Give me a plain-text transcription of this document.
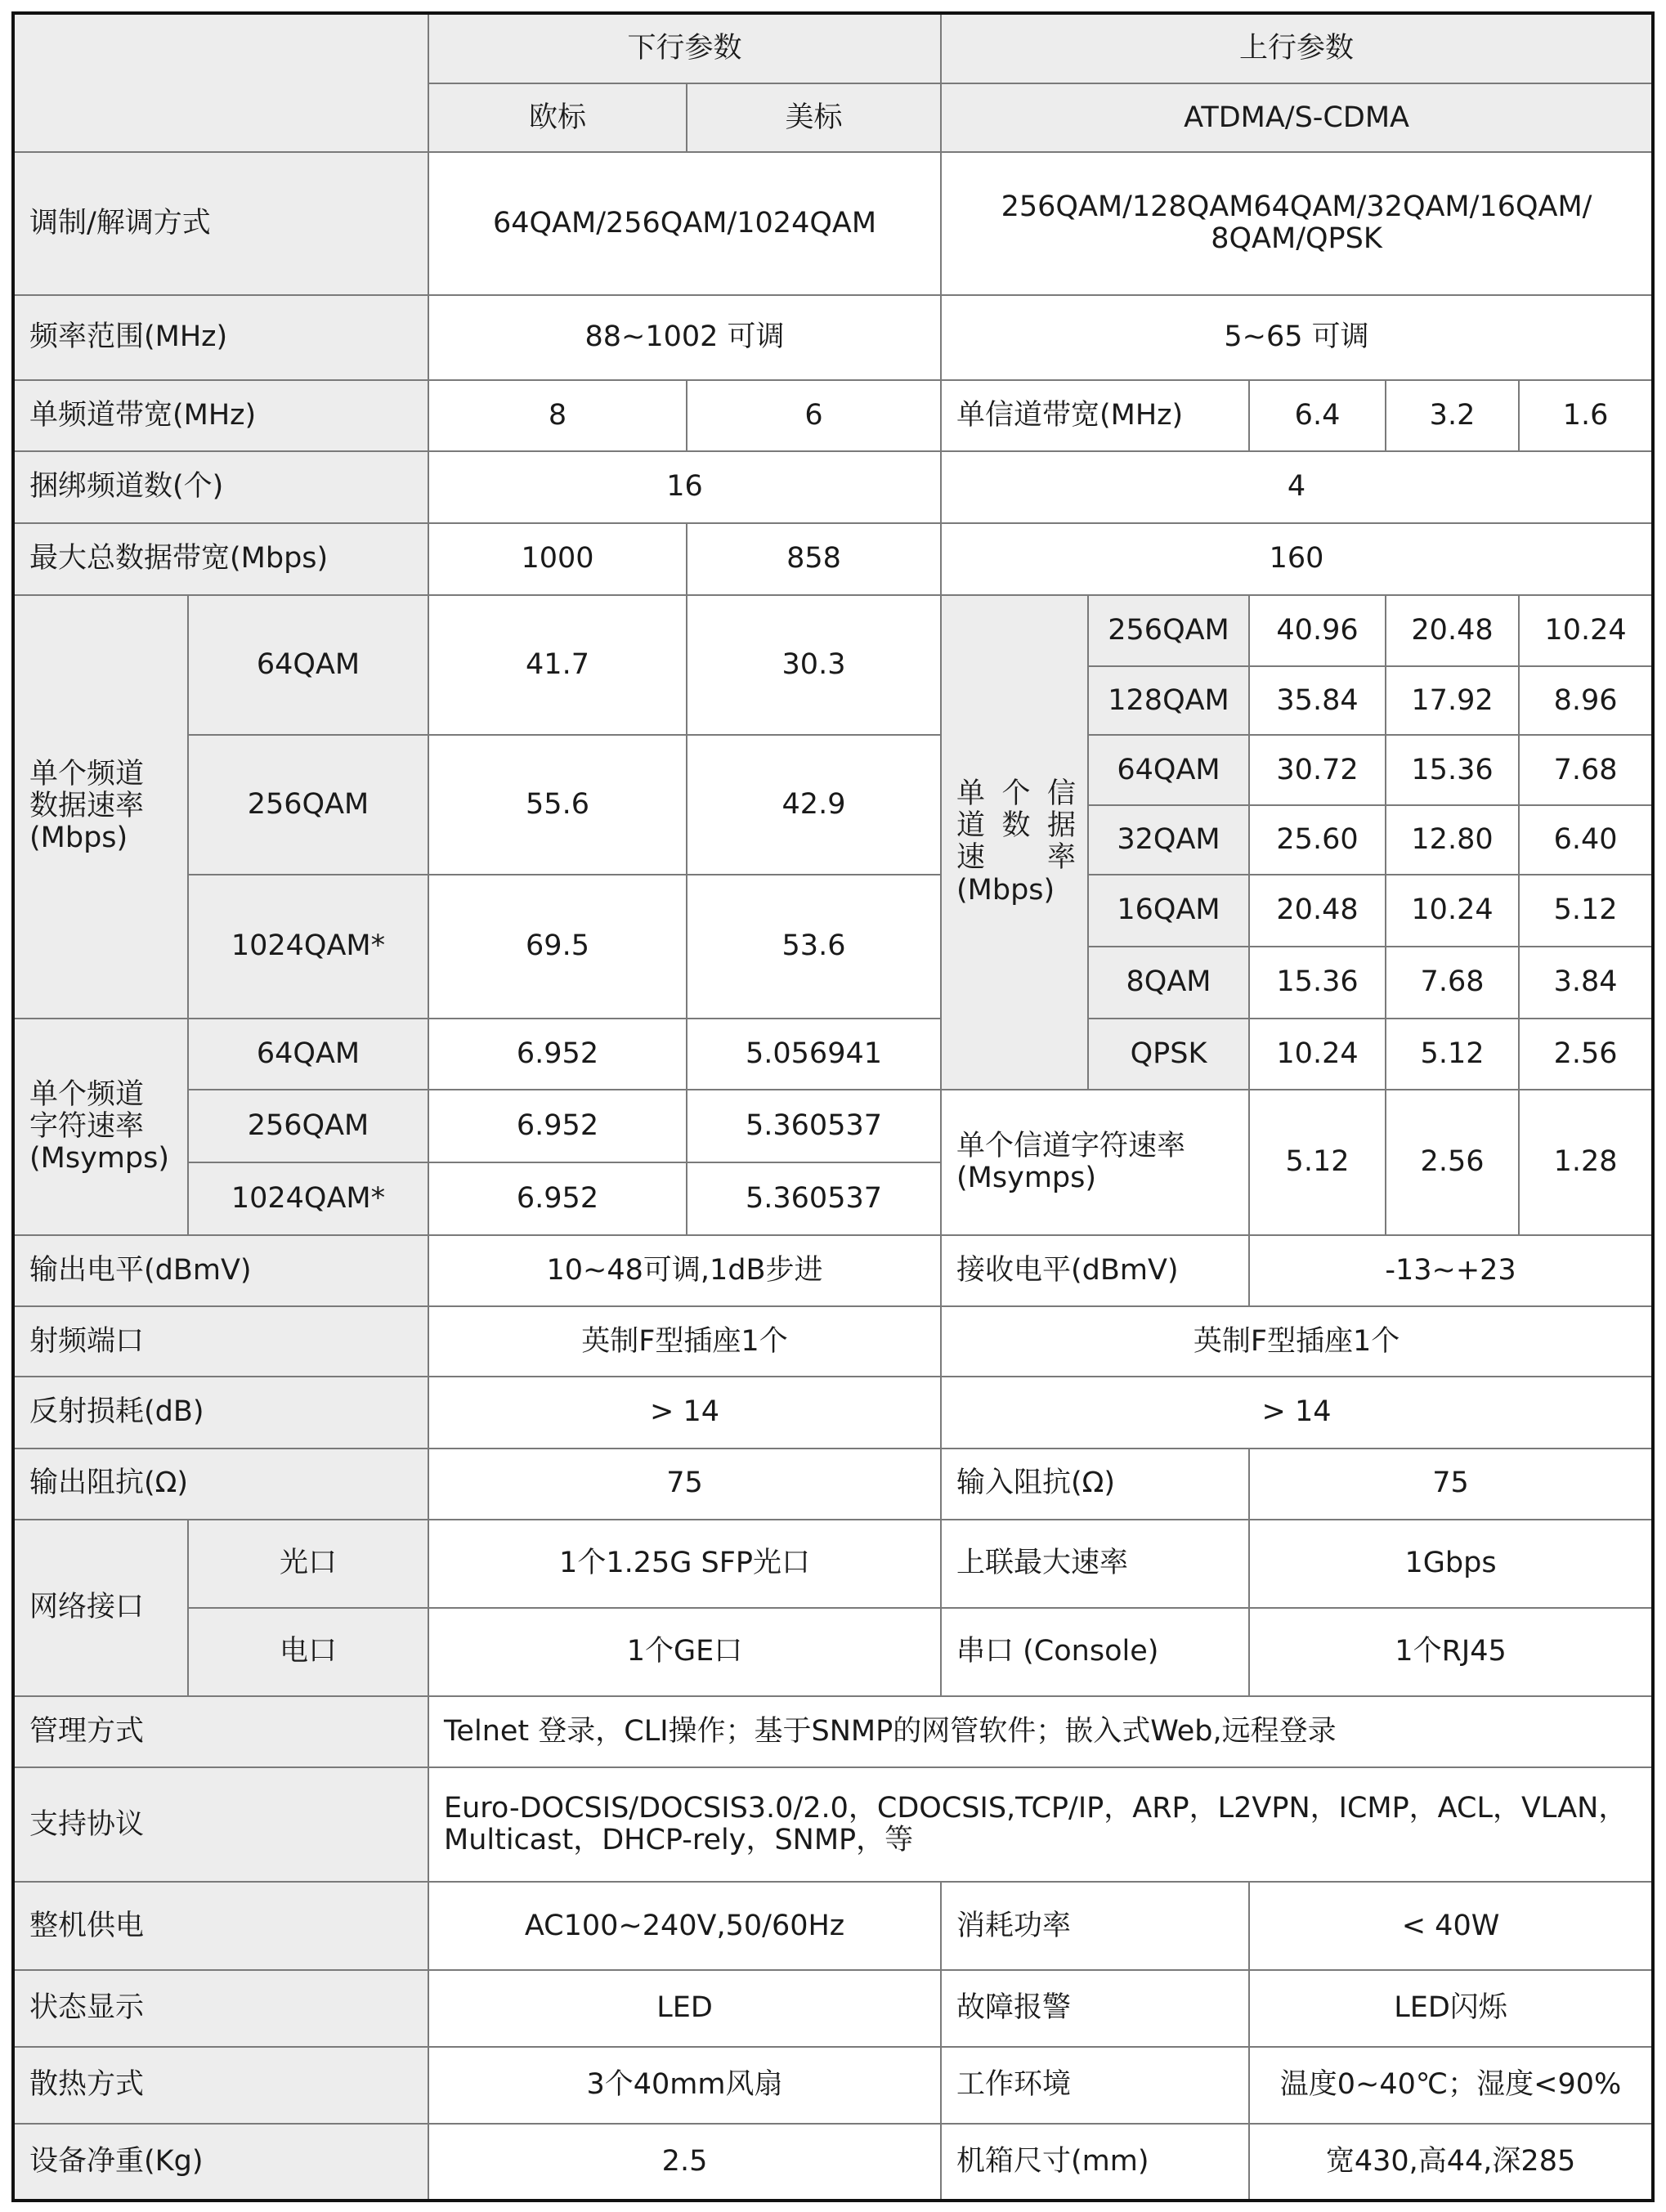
		下行参数		上行参数				
		欧标	美标	ATDMA/S-CDMA				
调制/解调方式		64QAM/256QAM/1024QAM		256QAM/128QAM64QAM/32QAM/16QAM/ 8QAM/QPSK				
频率范围(MHz)		88~1002 可调		5~65 可调				
单频道带宽(MHz)		8	6	单信道带宽(MHz)		6.4	3.2	1.6
捆绑频道数(个)		16		4				
最大总数据带宽(Mbps)		1000	858	160				
单个频道 数据速率 (Mbps)	64QAM	41.7	30.3	单 个 信 道 数 据 速 率 (Mbps)	256QAM	40.96	20.48	10.24
					128QAM	35.84	17.92	8.96
	256QAM	55.6	42.9		64QAM	30.72	15.36	7.68
					32QAM	25.60	12.80	6.40
	1024QAM*	69.5	53.6		16QAM	20.48	10.24	5.12
					8QAM	15.36	7.68	3.84
单个频道 字符速率 (Msymps)	64QAM	6.952	5.056941		QPSK	10.24	5.12	2.56
	256QAM	6.952	5.360537	单个信道字符速率 (Msymps)		5.12	2.56	1.28
	1024QAM*	6.952	5.360537					
输出电平(dBmV)		10~48可调,1dB步进		接收电平(dBmV)		-13~+23		
射频端口		英制F型插座1个		英制F型插座1个				
反射损耗(dB)		> 14		> 14				
输出阻抗(Ω)		75		输入阻抗(Ω)		75		
网络接口	光口	1个1.25G SFP光口		上联最大速率		1Gbps		
	电口	1个GE口		串口 (Console)		1个RJ45		
管理方式		Telnet 登录，CLI操作；基于SNMP的网管软件；嵌入式Web,远程登录						
支持协议		Euro-DOCSIS/DOCSIS3.0/2.0，CDOCSIS,TCP/IP，ARP，L2VPN，ICMP，ACL，VLAN，Multicast，DHCP-rely，SNMP，等						
整机供电		AC100~240V,50/60Hz		消耗功率		< 40W		
状态显示		LED		故障报警		LED闪烁		
散热方式		3个40mm风扇		工作环境		温度0~40℃；湿度<90%		
设备净重(Kg)		2.5		机箱尺寸(mm)		宽430,高44,深285		
